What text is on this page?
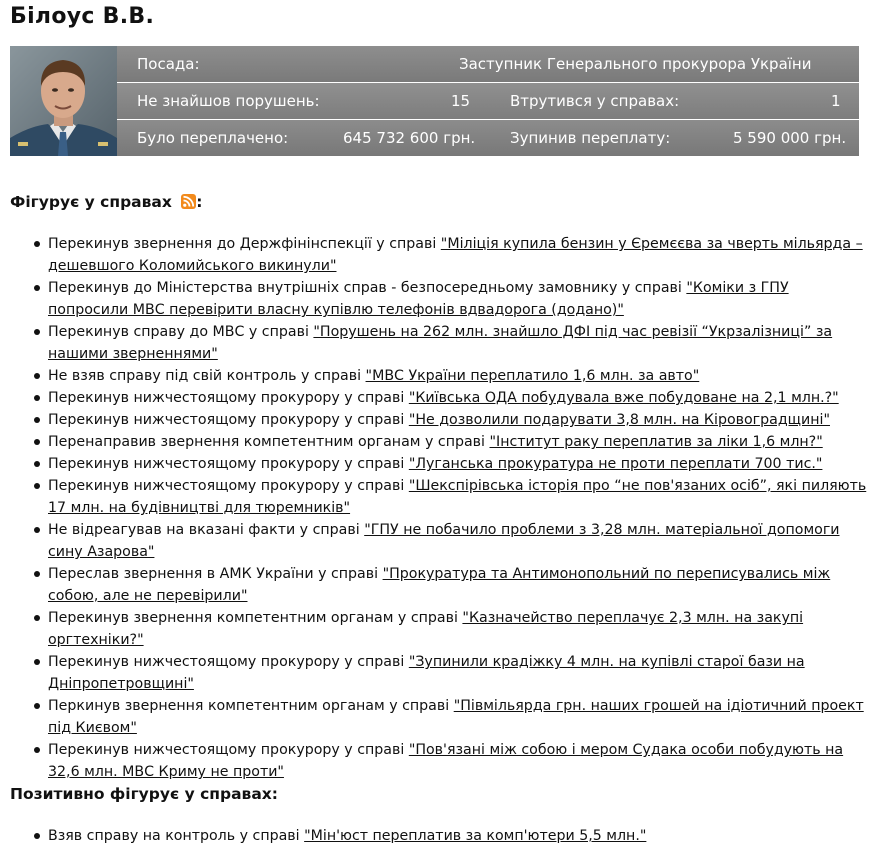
Білоус В.В.
Посада:	Заступник Генерального прокурора України
Не знайшов порушень:	15	Втрутився у справах:	1
Було переплачено:	645 732 600 грн. Зупинив переплату:	5 590 000 грн.
Фігурує у справах :
Перекинув звернення до Держфінінспекції у справі "Міліція купила бензин у Єремєєва за чверть мільярда – дешевшого Коломийського викинули"
Перекинув до Міністерства внутрішніх справ - безпосередньому замовнику у справі "Коміки з ГПУ попросили МВС перевірити власну купівлю телефонів вдвадорога (додано)"
Перекинув справу до МВС у справі "Порушень на 262 млн. знайшло ДФІ під час ревізії “Укрзалізниці” за нашими зверненнями"
Не взяв справу під свій контроль у справі "МВС України переплатило 1,6 млн. за авто"
Перекинув нижчестоящому прокурору у справі "Київська ОДА побудувала вже побудоване на 2,1 млн.?"
Перекинув нижчестоящому прокурору у справі "Не дозволили подарувати 3,8 млн. на Кіровоградщині"
Перенаправив звернення компетентним органам у справі "Інститут раку переплатив за ліки 1,6 млн?"
Перекинув нижчестоящому прокурору у справі "Луганська прокуратура не проти переплати 700 тис."
Перекинув нижчестоящому прокурору у справі "Шекспірівська історія про “не пов'язаних осіб”, які пиляють 17 млн. на будівництві для тюремників"
Не відреагував на вказані факти у справі "ГПУ не побачило проблеми з 3,28 млн. матеріальної допомоги сину Азарова"
Переслав звернення в АМК України у справі "Прокуратура та Антимонопольний по переписувались між собою, але не перевірили"
Перекинув звернення компетентним органам у справі "Казначейство переплачує 2,3 млн. на закупі оргтехніки?"
Перекинув нижчестоящому прокурору у справі "Зупинили крадіжку 4 млн. на купівлі старої бази на Дніпропетровщині"
Перкинув звернення компетентним органам у справі "Півмільярда грн. наших грошей на ідіотичний проект під Києвом"
Перекинув нижчестоящому прокурору у справі "Пов'язані між собою і мером Судака особи побудують на 32,6 млн. МВС Криму не проти"
Позитивно фігурує у справах:
Взяв справу на контроль у справі "Мін'юст переплатив за комп'ютери 5,5 млн."
